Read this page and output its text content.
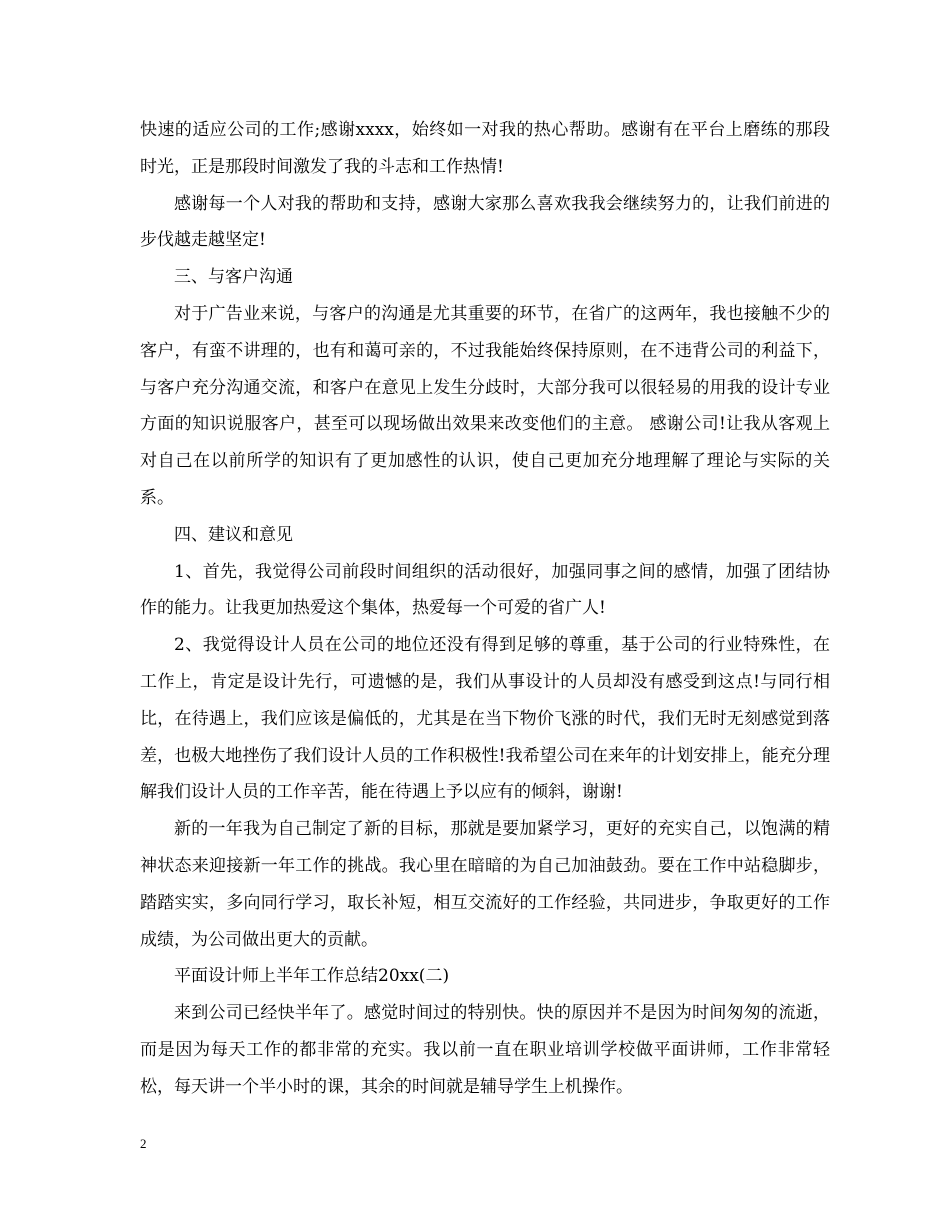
快速的适应公司的工作;感谢xxxx，始终如一对我的热心帮助。感谢有在平台上磨练的那段时光，正是那段时间激发了我的斗志和工作热情!

感谢每一个人对我的帮助和支持，感谢大家那么喜欢我我会继续努力的，让我们前进的步伐越走越坚定!

三、与客户沟通

对于广告业来说，与客户的沟通是尤其重要的环节，在省广的这两年，我也接触不少的客户，有蛮不讲理的，也有和蔼可亲的，不过我能始终保持原则，在不违背公司的利益下，与客户充分沟通交流，和客户在意见上发生分歧时，大部分我可以很轻易的用我的设计专业方面的知识说服客户，甚至可以现场做出效果来改变他们的主意。 感谢公司!让我从客观上对自己在以前所学的知识有了更加感性的认识，使自己更加充分地理解了理论与实际的关系。

四、建议和意见

1、首先，我觉得公司前段时间组织的活动很好，加强同事之间的感情，加强了团结协作的能力。让我更加热爱这个集体，热爱每一个可爱的省广人!

2、我觉得设计人员在公司的地位还没有得到足够的尊重，基于公司的行业特殊性，在工作上，肯定是设计先行，可遗憾的是，我们从事设计的人员却没有感受到这点!与同行相比，在待遇上，我们应该是偏低的，尤其是在当下物价飞涨的时代，我们无时无刻感觉到落差，也极大地挫伤了我们设计人员的工作积极性!我希望公司在来年的计划安排上，能充分理解我们设计人员的工作辛苦，能在待遇上予以应有的倾斜，谢谢!

新的一年我为自己制定了新的目标，那就是要加紧学习，更好的充实自己，以饱满的精神状态来迎接新一年工作的挑战。我心里在暗暗的为自己加油鼓劲。要在工作中站稳脚步，踏踏实实，多向同行学习，取长补短，相互交流好的工作经验，共同进步，争取更好的工作成绩，为公司做出更大的贡献。

平面设计师上半年工作总结20xx(二)

来到公司已经快半年了。感觉时间过的特别快。快的原因并不是因为时间匆匆的流逝，而是因为每天工作的都非常的充实。我以前一直在职业培训学校做平面讲师，工作非常轻松，每天讲一个半小时的课，其余的时间就是辅导学生上机操作。

2
